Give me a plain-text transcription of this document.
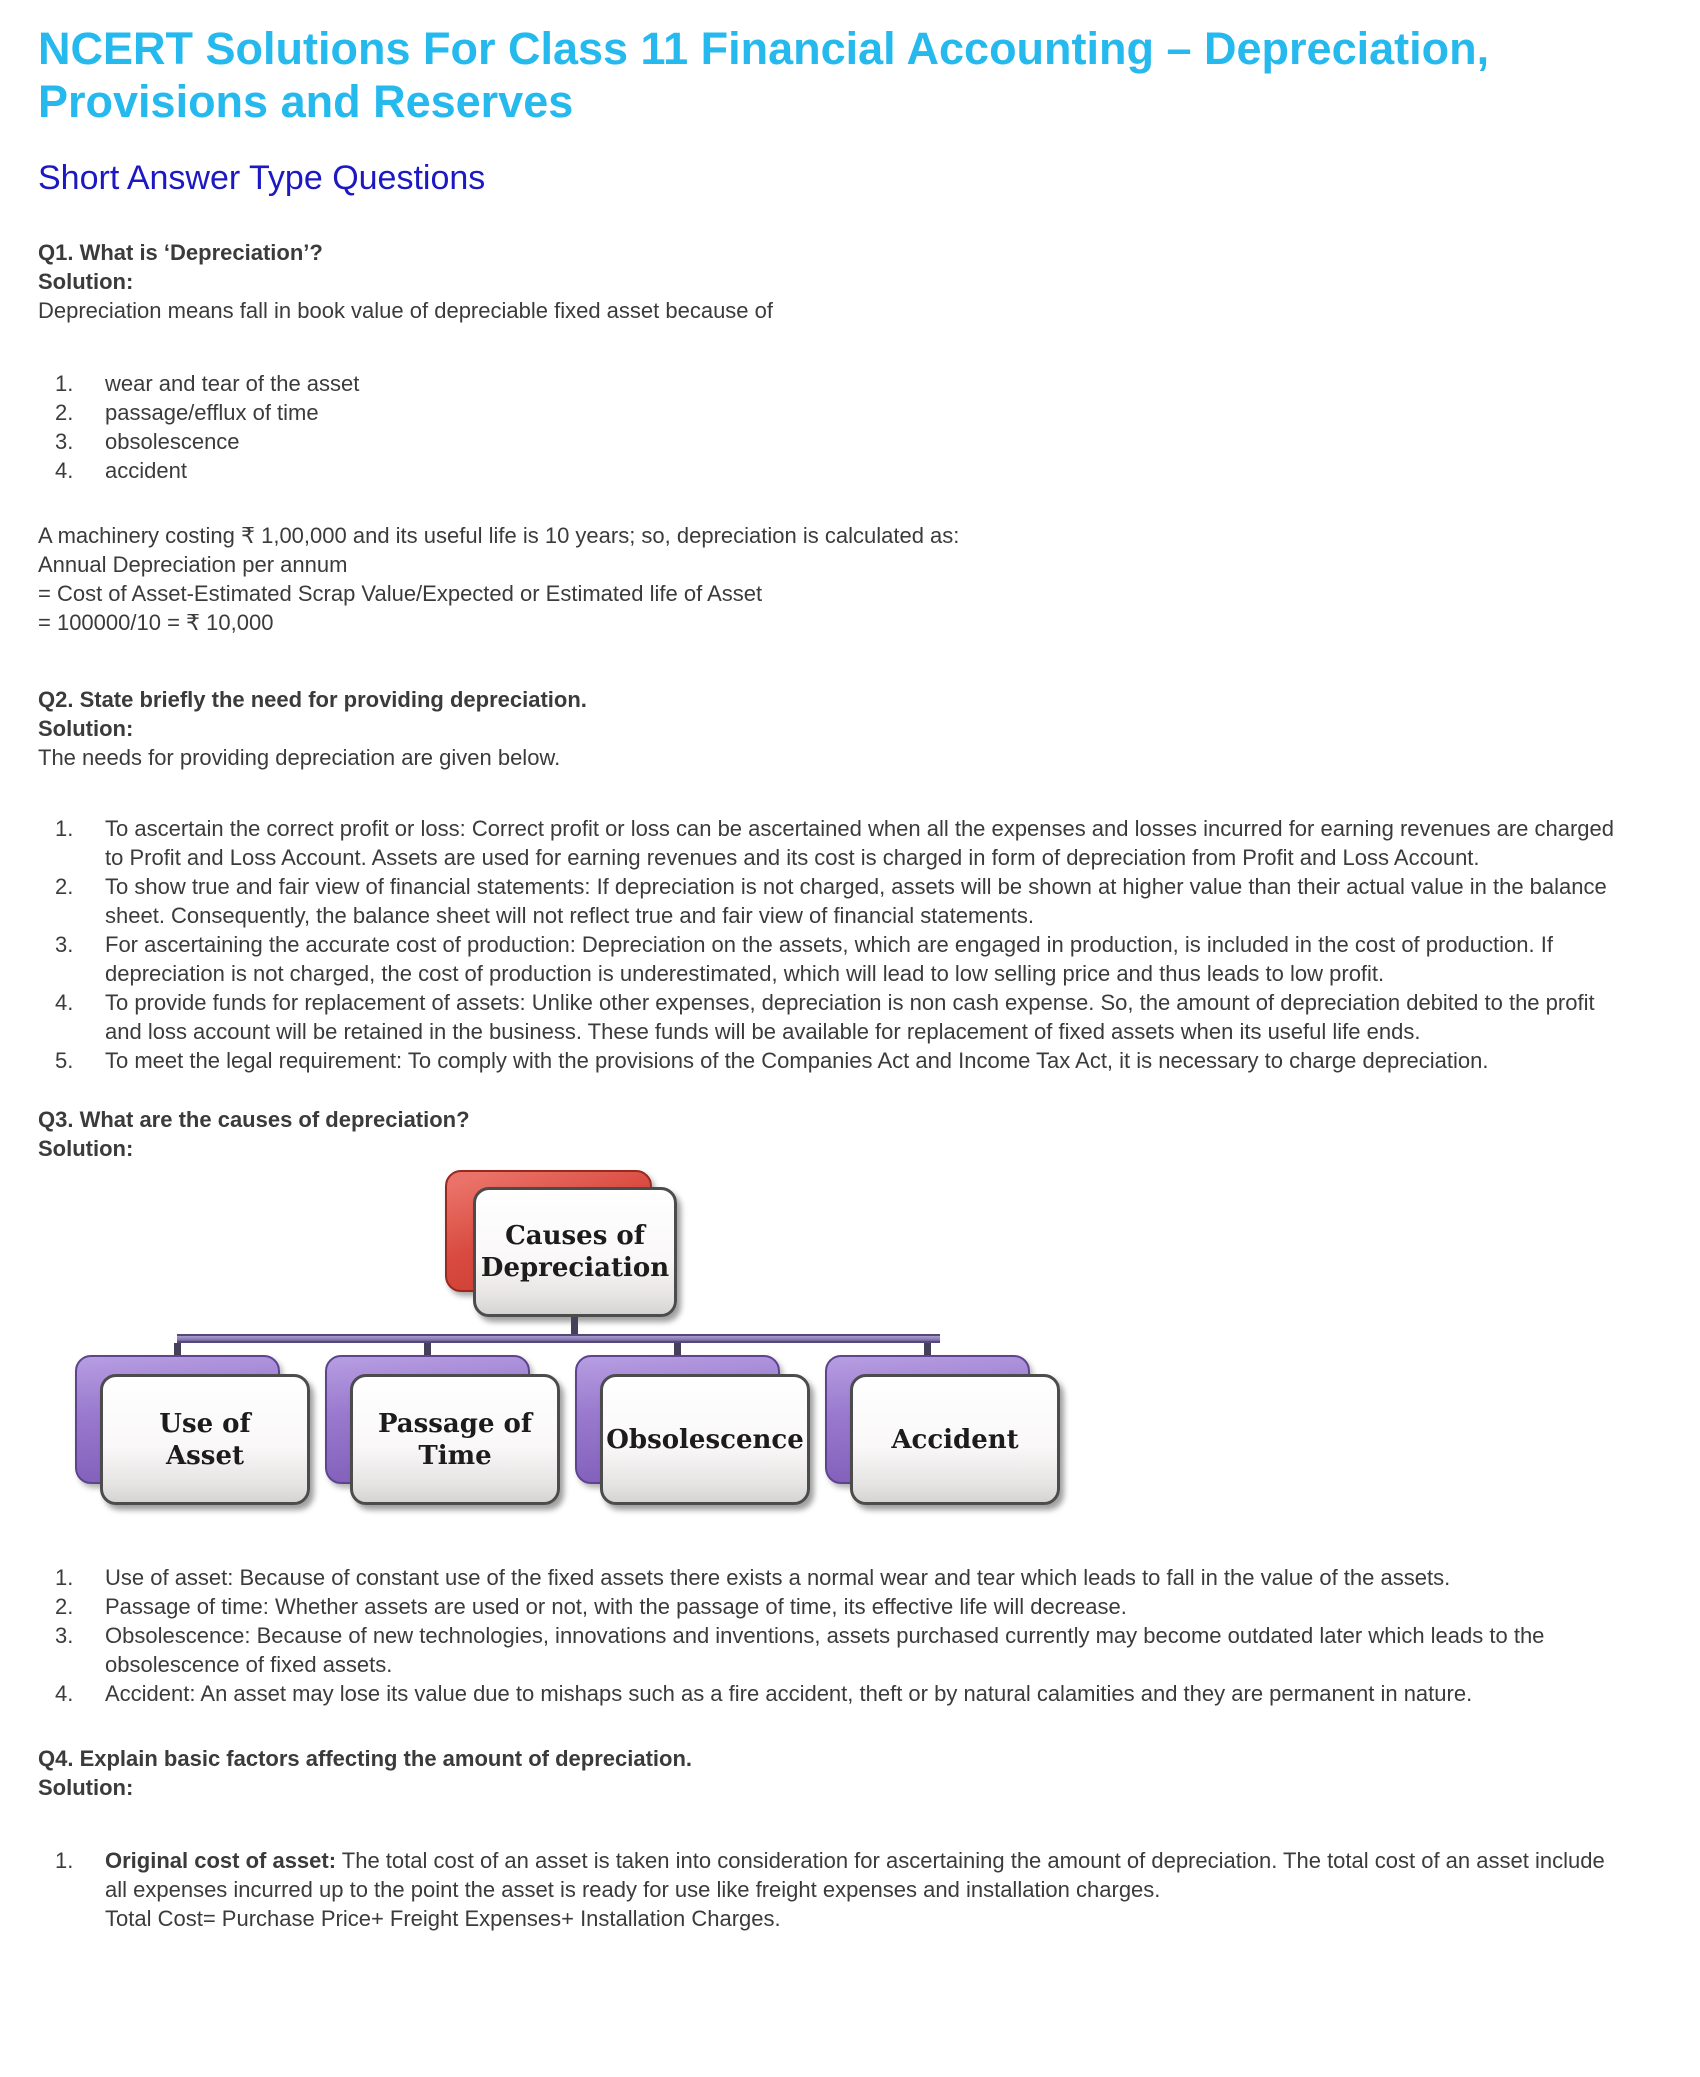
NCERT Solutions For Class 11 Financial Accounting – Depreciation,
Provisions and Reserves
Short Answer Type Questions
Q1. What is ‘Depreciation’?
Solution:
Depreciation means fall in book value of depreciable fixed asset because of
wear and tear of the asset
passage/efflux of time
obsolescence
accident
A machinery costing ₹ 1,00,000 and its useful life is 10 years; so, depreciation is calculated as:
Annual Depreciation per annum
= Cost of Asset-Estimated Scrap Value/Expected or Estimated life of Asset
= 100000/10 = ₹ 10,000
Q2. State briefly the need for providing depreciation.
Solution:
The needs for providing depreciation are given below.
To ascertain the correct profit or loss: Correct profit or loss can be ascertained when all the expenses and losses incurred for earning revenues are charged to Profit and Loss Account. Assets are used for earning revenues and its cost is charged in form of depreciation from Profit and Loss Account.
To show true and fair view of financial statements: If depreciation is not charged, assets will be shown at higher value than their actual value in the balance sheet. Consequently, the balance sheet will not reflect true and fair view of financial statements.
For ascertaining the accurate cost of production: Depreciation on the assets, which are engaged in production, is included in the cost of production. If depreciation is not charged, the cost of production is underestimated, which will lead to low selling price and thus leads to low profit.
To provide funds for replacement of assets: Unlike other expenses, depreciation is non cash expense. So, the amount of depreciation debited to the profit and loss account will be retained in the business. These funds will be available for replacement of fixed assets when its useful life ends.
To meet the legal requirement: To comply with the provisions of the Companies Act and Income Tax Act, it is necessary to charge depreciation.
Q3. What are the causes of depreciation?
Solution:
Causes of Depreciation
Use of Asset
Passage of Time
Obsolescence	Accident
Use of asset: Because of constant use of the fixed assets there exists a normal wear and tear which leads to fall in the value of the assets.
Passage of time: Whether assets are used or not, with the passage of time, its effective life will decrease.
Obsolescence: Because of new technologies, innovations and inventions, assets purchased currently may become outdated later which leads to the obsolescence of fixed assets.
Accident: An asset may lose its value due to mishaps such as a fire accident, theft or by natural calamities and they are permanent in nature.
Q4. Explain basic factors affecting the amount of depreciation.
Solution:
Original cost of asset: The total cost of an asset is taken into consideration for ascertaining the amount of depreciation. The total cost of an asset include all expenses incurred up to the point the asset is ready for use like freight expenses and installation charges.
Total Cost= Purchase Price+ Freight Expenses+ Installation Charges.
